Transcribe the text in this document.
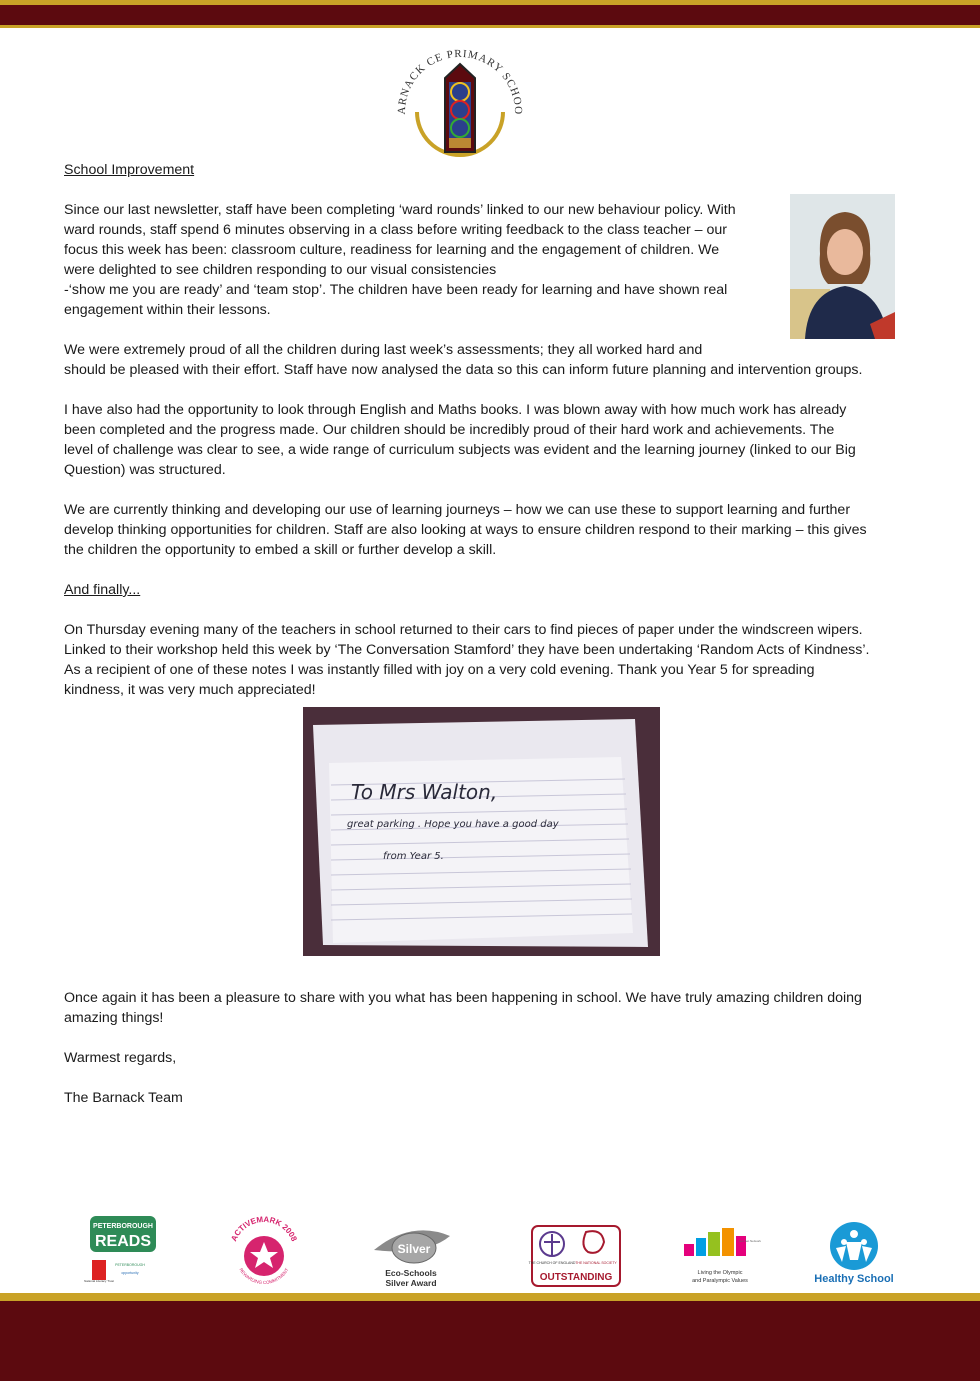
ARNACK CE PRIMARY SCHOO

School Improvement

Since our last newsletter, staff have been completing ‘ward rounds’ linked to our new behaviour policy. With

ward rounds, staff spend 6 minutes observing in a class before writing feedback to the class teacher – our

focus this week has been: classroom culture, readiness for learning and the engagement of children. We

were delighted to see children responding to our visual consistencies

-‘show me you are ready’ and ‘team stop’. The children have been ready for learning and have shown real

engagement within their lessons.

We were extremely proud of all the children during last week’s assessments; they all worked hard and

should be pleased with their effort. Staff have now analysed the data so this can inform future planning and intervention groups.

I have also had the opportunity to look through English and Maths books. I was blown away with how much work has already

been completed and the progress made. Our children should be incredibly proud of their hard work and achievements. The

level of challenge was clear to see, a wide range of curriculum subjects was evident and the learning journey (linked to our Big

Question) was structured.

We are currently thinking and developing our use of learning journeys – how we can use these to support learning and further

develop thinking opportunities for children. Staff are also looking at ways to ensure children respond to their marking – this gives

the children the opportunity to embed a skill or further develop a skill.

And finally...

On Thursday evening many of the teachers in school returned to their cars to find pieces of paper under the windscreen wipers.

Linked to their workshop held this week by ‘The Conversation Stamford’ they have been undertaking ‘Random Acts of Kindness’.

As a recipient of one of these notes I was instantly filled with joy on a very cold evening. Thank you Year 5 for spreading

kindness, it was very much appreciated!

To Mrs Walton,
great parking . Hope you have a good day
from Year 5.

Once again it has been a pleasure to share with you what has been happening in school. We have truly amazing children doing

amazing things!

Warmest regards,

The Barnack Team

PETERBOROUGH
READS
National Literacy Trust
PETERBOROUGH
opportunity
ACTIVEMARK 2008
REWARDING COMMITMENT
Silver
Eco-Schools
Silver Award
THE CHURCH OF ENGLAND THE NATIONAL SOCIETY
OUTSTANDING
Get Set Network
Living the Olympic
and Paralympic Values	Healthy School
